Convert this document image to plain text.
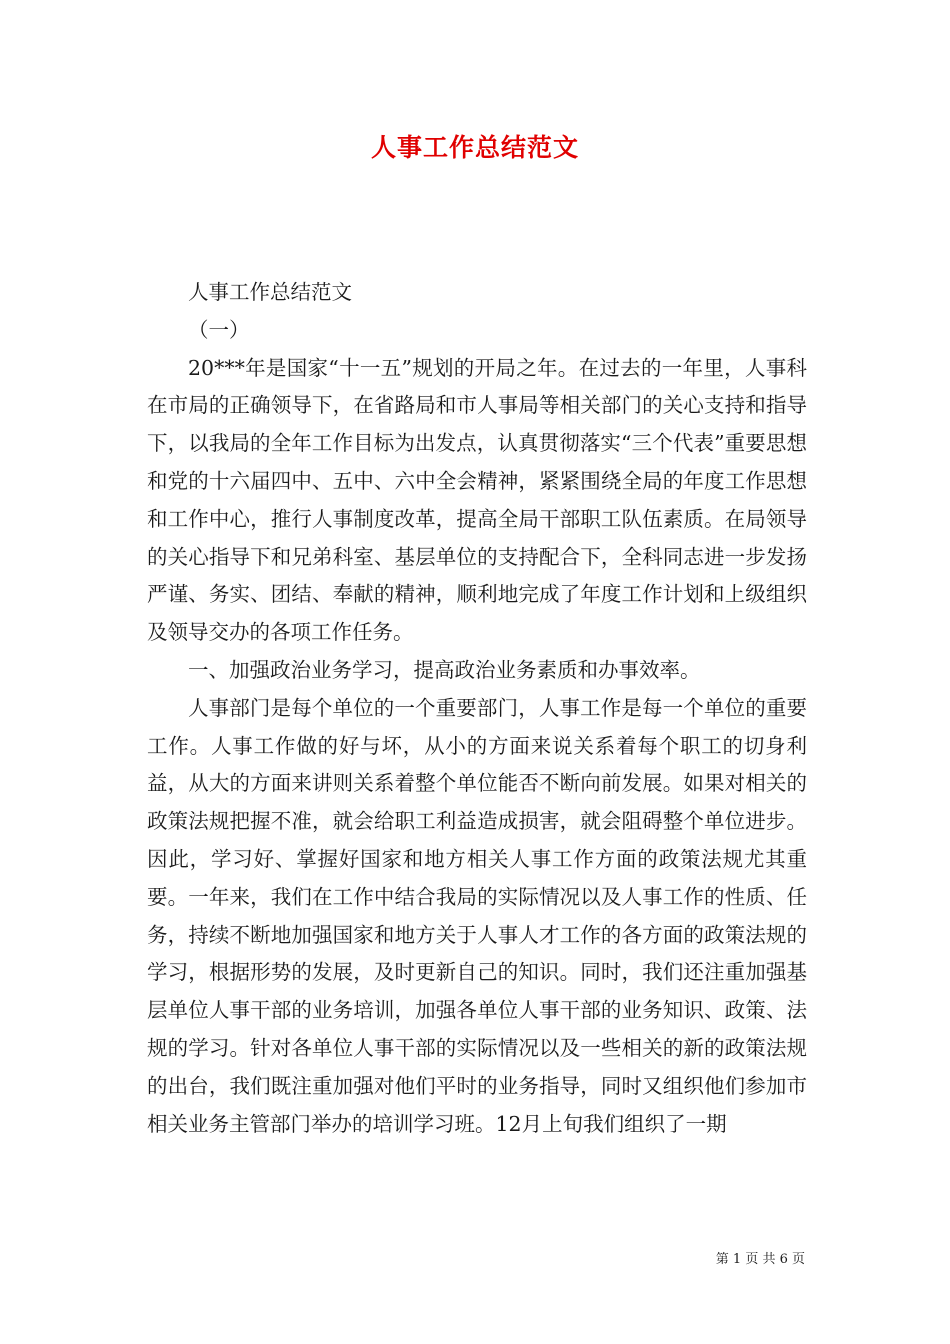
人事工作总结范文

人事工作总结范文

（一）

20***年是国家“十一五”规划的开局之年。在过去的一年里，人事科在市局的正确领导下，在省路局和市人事局等相关部门的关心支持和指导下，以我局的全年工作目标为出发点，认真贯彻落实“三个代表”重要思想和党的十六届四中、五中、六中全会精神，紧紧围绕全局的年度工作思想和工作中心，推行人事制度改革，提高全局干部职工队伍素质。在局领导的关心指导下和兄弟科室、基层单位的支持配合下，全科同志进一步发扬严谨、务实、团结、奉献的精神，顺利地完成了年度工作计划和上级组织及领导交办的各项工作任务。

一、加强政治业务学习，提高政治业务素质和办事效率。

人事部门是每个单位的一个重要部门，人事工作是每一个单位的重要工作。人事工作做的好与坏，从小的方面来说关系着每个职工的切身利益，从大的方面来讲则关系着整个单位能否不断向前发展。如果对相关的政策法规把握不准，就会给职工利益造成损害，就会阻碍整个单位进步。因此，学习好、掌握好国家和地方相关人事工作方面的政策法规尤其重要。一年来，我们在工作中结合我局的实际情况以及人事工作的性质、任务，持续不断地加强国家和地方关于人事人才工作的各方面的政策法规的学习，根据形势的发展，及时更新自己的知识。同时，我们还注重加强基层单位人事干部的业务培训，加强各单位人事干部的业务知识、政策、法规的学习。针对各单位人事干部的实际情况以及一些相关的新的政策法规的出台，我们既注重加强对他们平时的业务指导，同时又组织他们参加市相关业务主管部门举办的培训学习班。12月上旬我们组织了一期

第 1 页 共 6 页
